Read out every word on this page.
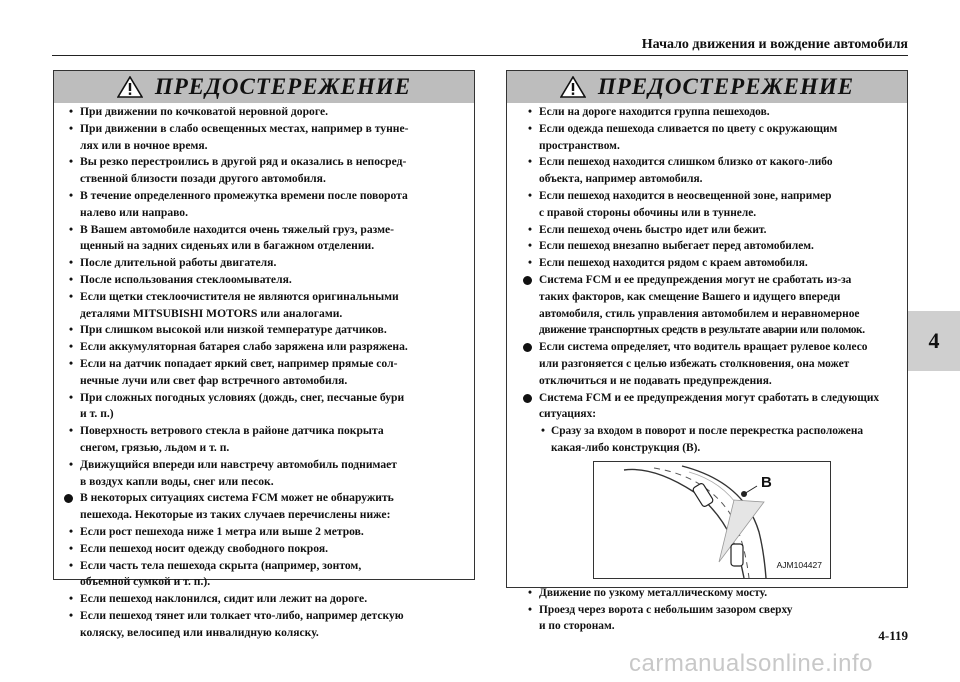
Начало движения и вождение автомобиля
4
ПРЕДОСТЕРЕЖЕНИЕ

• При движении по кочковатой неровной дороге.

• При движении в слабо освещенных местах, например в тунне-
лях или в ночное время.

• Вы резко перестроились в другой ряд и оказались в непосред-
ственной близости позади другого автомобиля.

• В течение определенного промежутка времени после поворота
налево или направо.

• В Вашем автомобиле находится очень тяжелый груз, разме-
щенный на задних сиденьях или в багажном отделении.

• После длительной работы двигателя.

• После использования стеклоомывателя.

• Если щетки стеклоочистителя не являются оригинальными
деталями MITSUBISHI MOTORS или аналогами.

• При слишком высокой или низкой температуре датчиков.

• Если аккумуляторная батарея слабо заряжена или разряжена.

• Если на датчик попадает яркий свет, например прямые сол-
нечные лучи или свет фар встречного автомобиля.

• При сложных погодных условиях (дождь, снег, песчаные бури
и т. п.)

• Поверхность ветрового стекла в районе датчика покрыта
снегом, грязью, льдом и т. п.

• Движущийся впереди или навстречу автомобиль поднимает
в воздух капли воды, снег или песок.

В некоторых ситуациях система FCM может не обнаружить
пешехода. Некоторые из таких случаев перечислены ниже:

• Если рост пешехода ниже 1 метра или выше 2 метров.

• Если пешеход носит одежду свободного покроя.

• Если часть тела пешехода скрыта (например, зонтом,
объемной сумкой и т. п.).

• Если пешеход наклонился, сидит или лежит на дороге.

• Если пешеход тянет или толкает что-либо, например детскую
коляску, велосипед или инвалидную коляску.

ПРЕДОСТЕРЕЖЕНИЕ

• Если на дороге находится группа пешеходов.

• Если одежда пешехода сливается по цвету с окружающим
пространством.

• Если пешеход находится слишком близко от какого-либо
объекта, например автомобиля.

• Если пешеход находится в неосвещенной зоне, например
с правой стороны обочины или в туннеле.

• Если пешеход очень быстро идет или бежит.

• Если пешеход внезапно выбегает перед автомобилем.

• Если пешеход находится рядом с краем автомобиля.

Система FCM и ее предупреждения могут не сработать из-за
таких факторов, как смещение Вашего и идущего впереди
автомобиля, стиль управления автомобилем и неравномерное
движение транспортных средств в результате аварии или поломок.

Если система определяет, что водитель вращает рулевое колесо
или разгоняется с целью избежать столкновения, она может
отключиться и не подавать предупреждения.

Система FCM и ее предупреждения могут сработать в следующих
ситуациях:

• Сразу за входом в поворот и после перекрестка расположена
какая-либо конструкция (B).

B
AJM104427

• Движение по узкому металлическому мосту.

• Проезд через ворота с небольшим зазором сверху
и по сторонам.

4-119
carmanualsonline.info
